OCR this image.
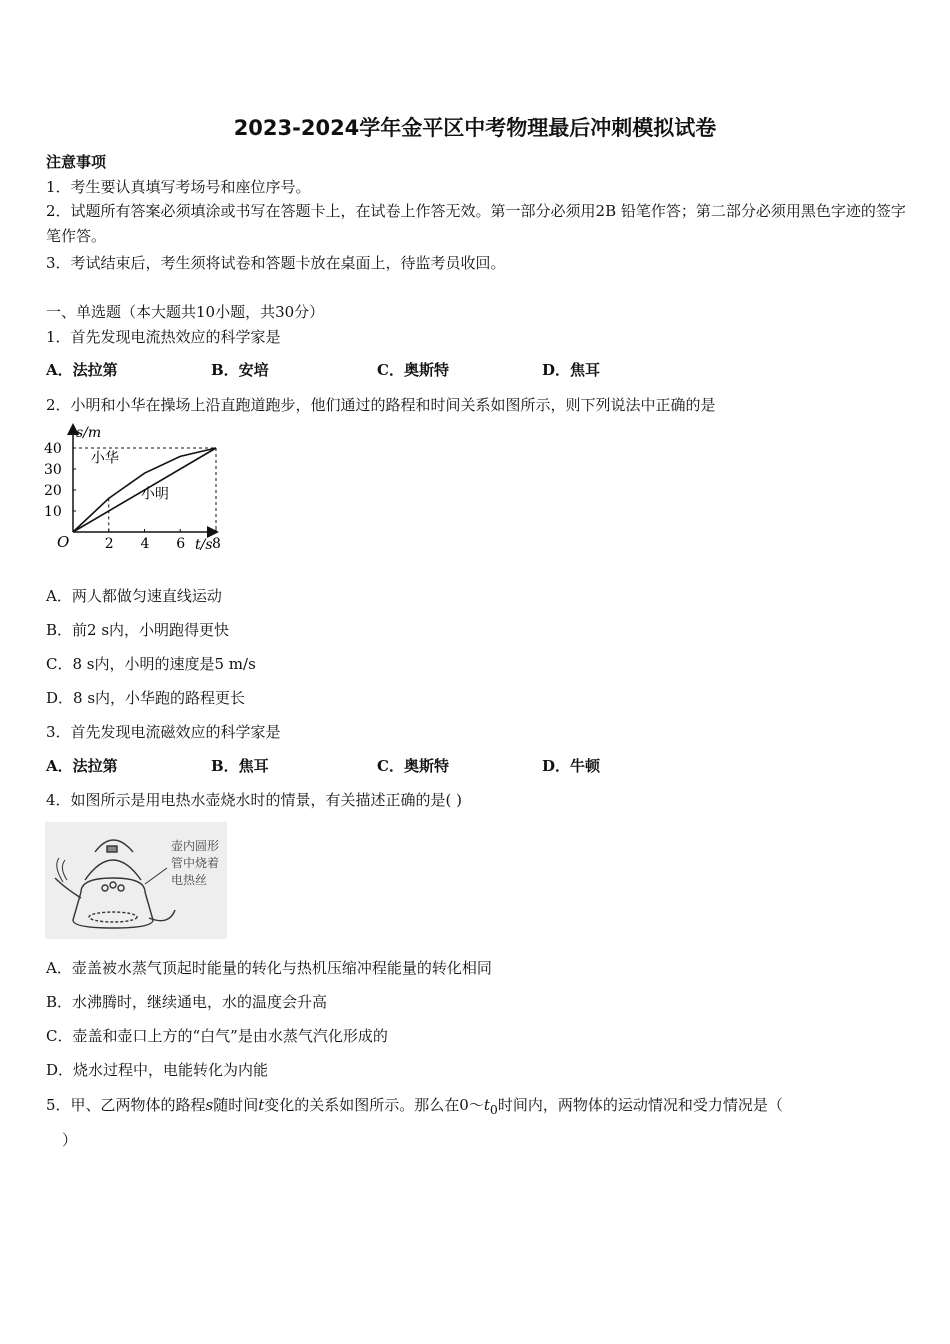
2023-2024学年金平区中考物理最后冲刺模拟试卷
注意事项
1．考生要认真填写考场号和座位序号。
2．试题所有答案必须填涂或书写在答题卡上，在试卷上作答无效。第一部分必须用2B 铅笔作答；第二部分必须用黑色字迹的签字笔作答。
3．考试结束后，考生须将试卷和答题卡放在桌面上，待监考员收回。
一、单选题（本大题共10小题，共30分）
1．首先发现电流热效应的科学家是
A．法拉第	B．安培	C．奥斯特	D．焦耳
2．小明和小华在操场上沿直跑道跑步，他们通过的路程和时间关系如图所示，则下列说法中正确的是
s/m
t/s
O	2 4 6 8
10
20
30
40
小华
小明
A．两人都做匀速直线运动
B．前2 s内，小明跑得更快
C．8 s内，小明的速度是5 m/s
D．8 s内，小华跑的路程更长
3．首先发现电流磁效应的科学家是
A．法拉第	B．焦耳	C．奥斯特	D．牛顿
4．如图所示是用电热水壶烧水时的情景，有关描述正确的是( )
壶内圆形
管中烧着
电热丝
A．壶盖被水蒸气顶起时能量的转化与热机压缩冲程能量的转化相同
B．水沸腾时，继续通电，水的温度会升高
C．壶盖和壶口上方的“白气”是由水蒸气汽化形成的
D．烧水过程中，电能转化为内能
5．甲、乙两物体的路程s随时间t变化的关系如图所示。那么在$0\sim t_0$时间内，两物体的运动情况和受力情况是（
）
